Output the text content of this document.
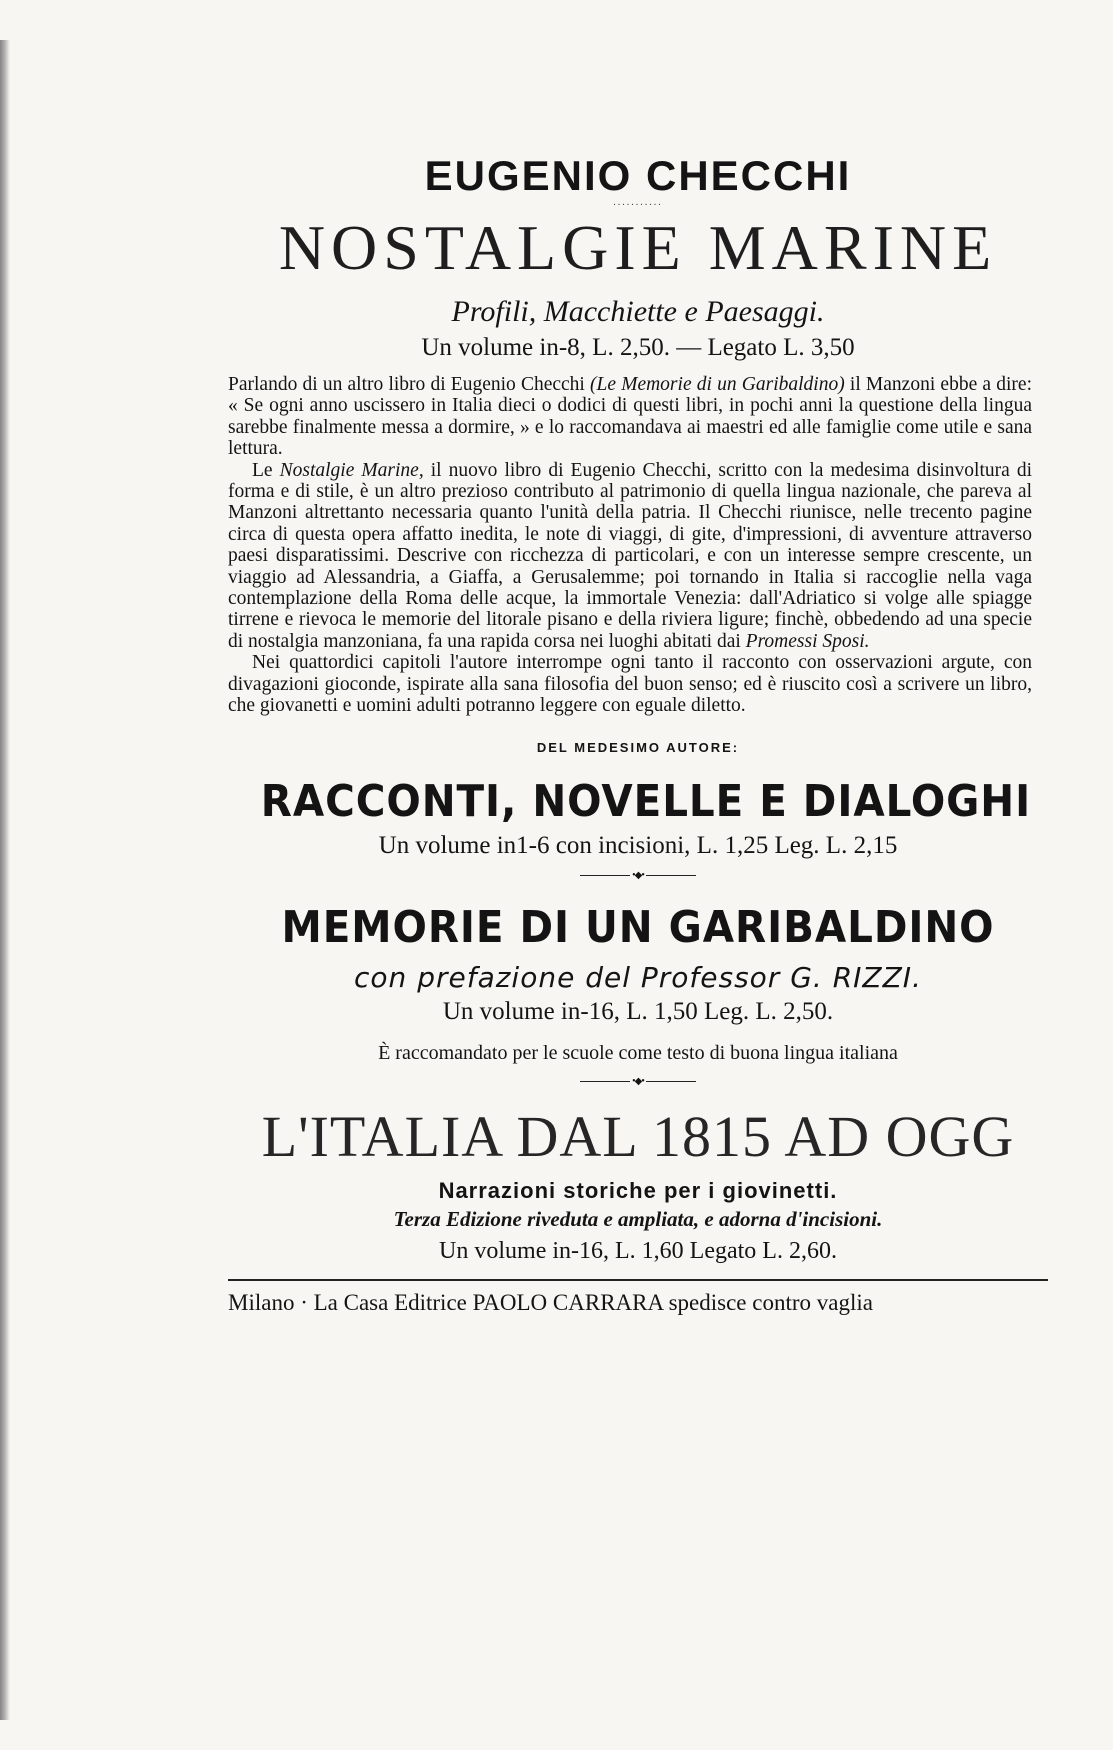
EUGENIO CHECCHI
...........
NOSTALGIE MARINE
Profili, Macchiette e Paesaggi.
Un volume in-8, L. 2,50. — Legato L. 3,50

Parlando di un altro libro di Eugenio Checchi (Le Memorie di un Garibaldino) il Manzoni ebbe a dire: « Se ogni anno uscissero in Italia dieci o dodici di questi libri, in pochi anni la questione della lingua sarebbe finalmente messa a dormire, » e lo raccomandava ai maestri ed alle famiglie come utile e sana lettura.

Le Nostalgie Marine, il nuovo libro di Eugenio Checchi, scritto con la medesima disinvoltura di forma e di stile, è un altro prezioso contributo al patrimonio di quella lingua nazionale, che pareva al Manzoni altrettanto necessaria quanto l'unità della patria. Il Checchi riunisce, nelle trecento pagine circa di questa opera affatto inedita, le note di viaggi, di gite, d'impressioni, di avventure attraverso paesi disparatissimi. Descrive con ricchezza di particolari, e con un interesse sempre crescente, un viaggio ad Alessandria, a Giaffa, a Gerusalemme; poi tornando in Italia si raccoglie nella vaga contemplazione della Roma delle acque, la immortale Venezia: dall'Adriatico si volge alle spiagge tirrene e rievoca le memorie del litorale pisano e della riviera ligure; finchè, obbedendo ad una specie di nostalgia manzoniana, fa una rapida corsa nei luoghi abitati dai Promessi Sposi.

Nei quattordici capitoli l'autore interrompe ogni tanto il racconto con osservazioni argute, con divagazioni gioconde, ispirate alla sana filosofia del buon senso; ed è riuscito così a scrivere un libro, che giovanetti e uomini adulti potranno leggere con eguale diletto.

DEL MEDESIMO AUTORE:
RACCONTI, NOVELLE E DIALOGHI
Un volume in1-6 con incisioni, L. 1,25 Leg. L. 2,15
•◆•
MEMORIE DI UN GARIBALDINO
con prefazione del Professor G. RIZZI.
Un volume in-16, L. 1,50 Leg. L. 2,50.
È raccomandato per le scuole come testo di buona lingua italiana
•◆•
L'ITALIA DAL 1815 AD OGG
Narrazioni storiche per i giovinetti.
Terza Edizione riveduta e ampliata, e adorna d'incisioni.
Un volume in-16, L. 1,60 Legato L. 2,60.
Milano · La Casa Editrice PAOLO CARRARA spedisce contro vaglia
